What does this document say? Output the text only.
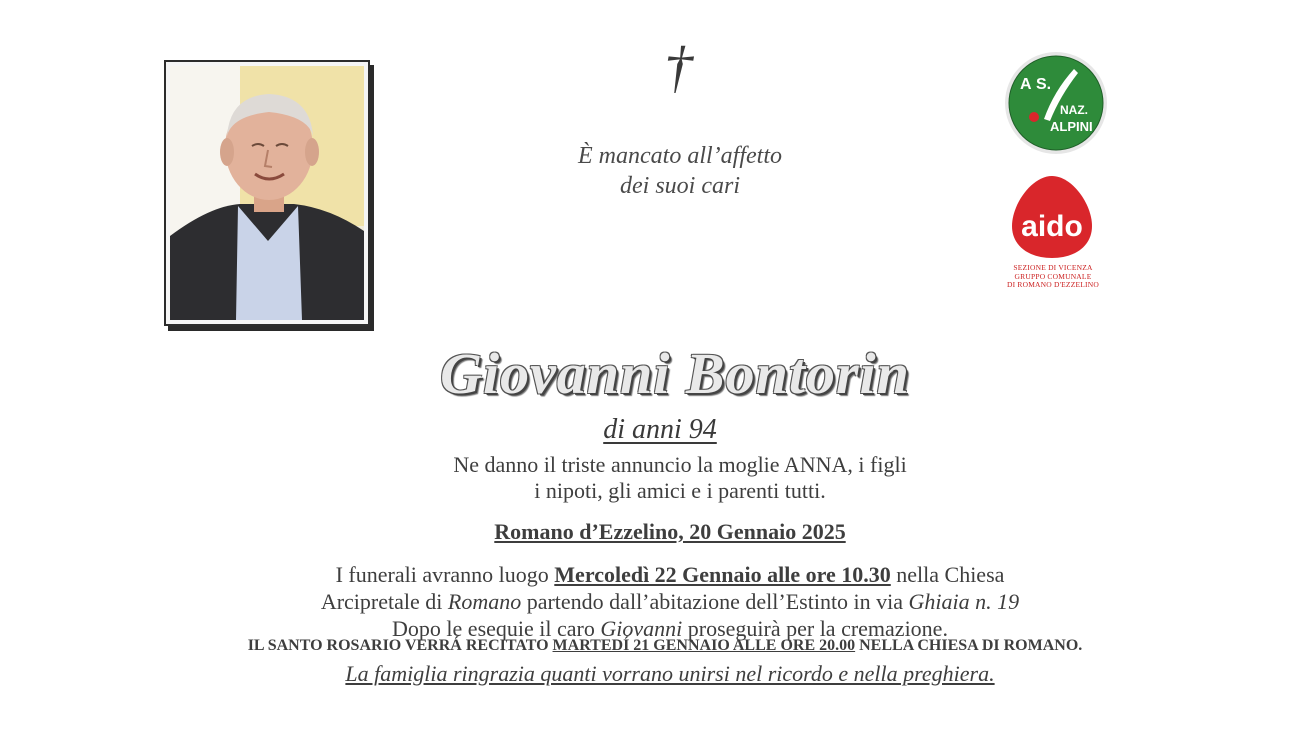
†
È mancato all’affetto
dei suoi cari
A S.
NAZ.
ALPINI
aido
SEZIONE DI VICENZA
GRUPPO COMUNALE
DI ROMANO D'EZZELINO
Giovanni Bontorin
di anni 94
Ne danno il triste annuncio la moglie ANNA, i figli
i nipoti, gli amici e i parenti tutti.
Romano d’Ezzelino, 20 Gennaio 2025
I funerali avranno luogo Mercoledì 22 Gennaio alle ore 10.30 nella Chiesa
Arcipretale di Romano partendo dall’abitazione dell’Estinto in via Ghiaia n. 19
Dopo le esequie il caro Giovanni proseguirà per la cremazione.
IL SANTO ROSARIO VERRÁ RECITATO MARTEDÍ 21 GENNAIO ALLE ORE 20.00 NELLA CHIESA DI ROMANO.
La famiglia ringrazia quanti vorrano unirsi nel ricordo e nella preghiera.
